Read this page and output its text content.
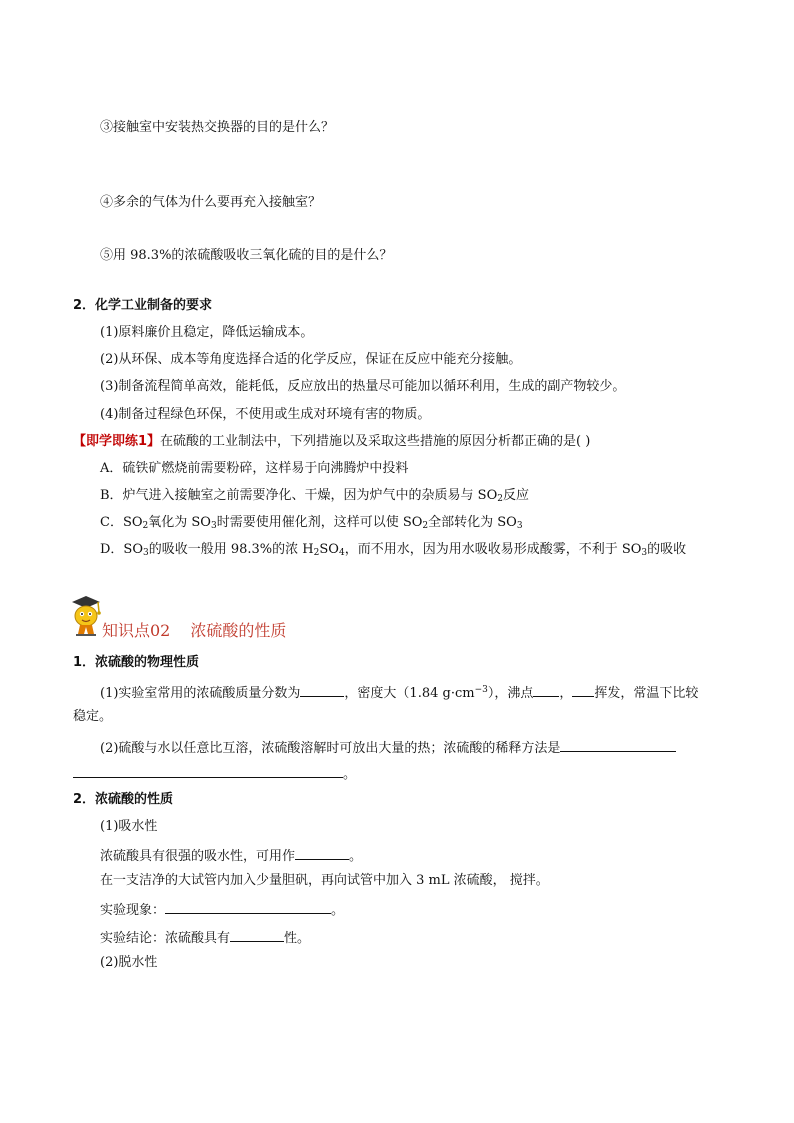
③接触室中安装热交换器的目的是什么？
④多余的气体为什么要再充入接触室？
⑤用 98.3%的浓硫酸吸收三氧化硫的目的是什么？
2．化学工业制备的要求
(1)原料廉价且稳定，降低运输成本。
(2)从环保、成本等角度选择合适的化学反应，保证在反应中能充分接触。
(3)制备流程简单高效，能耗低，反应放出的热量尽可能加以循环利用，生成的副产物较少。
(4)制备过程绿色环保，不使用或生成对环境有害的物质。
【即学即练1】在硫酸的工业制法中，下列措施以及采取这些措施的原因分析都正确的是( )
A．硫铁矿燃烧前需要粉碎，这样易于向沸腾炉中投料
B．炉气进入接触室之前需要净化、干燥，因为炉气中的杂质易与 $SO_2$反应
C．$SO_2$氧化为 $SO_3$时需要使用催化剂，这样可以使 $SO_2$全部转化为 $SO_3$
D．$SO_3$的吸收一般用 98.3%的浓 $H_2SO_4$，而不用水，因为用水吸收易形成酸雾，不利于 $SO_3$的吸收
知识点02 浓硫酸的性质
1．浓硫酸的物理性质
(1)实验室常用的浓硫酸质量分数为	，密度大（1.84 $g\cdot cm^{-3}$），沸点 ， 挥发，常温下比较
稳定。
(2)硫酸与水以任意比互溶，浓硫酸溶解时可放出大量的热；浓硫酸的稀释方法是
。
2．浓硫酸的性质
(1)吸水性
浓硫酸具有很强的吸水性，可用作	。
在一支洁净的大试管内加入少量胆矾，再向试管中加入 3 mL 浓硫酸， 搅拌。
实验现象：	。
实验结论：浓硫酸具有	性。
(2)脱水性
